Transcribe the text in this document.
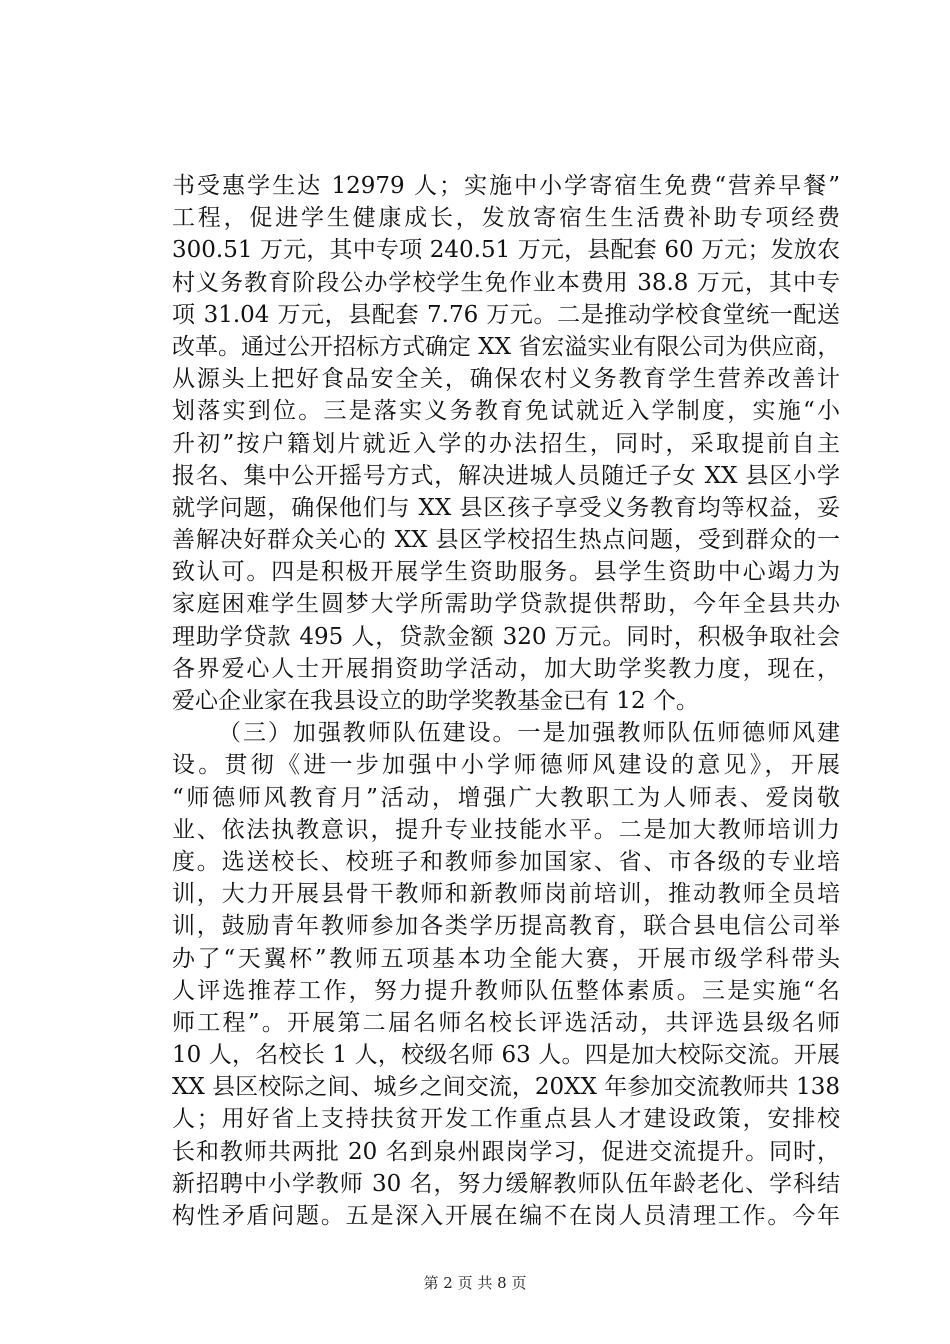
书受惠学生达 12979 人；实施中小学寄宿生免费“营养早餐”
工程，促进学生健康成长，发放寄宿生生活费补助专项经费
300.51 万元，其中专项 240.51 万元，县配套 60 万元；发放农
村义务教育阶段公办学校学生免作业本费用 38.8 万元，其中专
项 31.04 万元，县配套 7.76 万元。二是推动学校食堂统一配送
改革。通过公开招标方式确定 XX 省宏溢实业有限公司为供应商，
从源头上把好食品安全关，确保农村义务教育学生营养改善计
划落实到位。三是落实义务教育免试就近入学制度，实施“小
升初”按户籍划片就近入学的办法招生，同时，采取提前自主
报名、集中公开摇号方式，解决进城人员随迁子女 XX 县区小学
就学问题，确保他们与 XX 县区孩子享受义务教育均等权益，妥
善解决好群众关心的 XX 县区学校招生热点问题，受到群众的一
致认可。四是积极开展学生资助服务。县学生资助中心竭力为
家庭困难学生圆梦大学所需助学贷款提供帮助，今年全县共办
理助学贷款 495 人，贷款金额 320 万元。同时，积极争取社会
各界爱心人士开展捐资助学活动，加大助学奖教力度，现在，
爱心企业家在我县设立的助学奖教基金已有 12 个。
（三）加强教师队伍建设。一是加强教师队伍师德师风建
设。贯彻《进一步加强中小学师德师风建设的意见》，开展
“师德师风教育月”活动，增强广大教职工为人师表、爱岗敬
业、依法执教意识，提升专业技能水平。二是加大教师培训力
度。选送校长、校班子和教师参加国家、省、市各级的专业培
训，大力开展县骨干教师和新教师岗前培训，推动教师全员培
训，鼓励青年教师参加各类学历提高教育，联合县电信公司举
办了“天翼杯”教师五项基本功全能大赛，开展市级学科带头
人评选推荐工作，努力提升教师队伍整体素质。三是实施“名
师工程”。开展第二届名师名校长评选活动，共评选县级名师
10 人，名校长 1 人，校级名师 63 人。四是加大校际交流。开展
XX 县区校际之间、城乡之间交流，20XX 年参加交流教师共 138
人；用好省上支持扶贫开发工作重点县人才建设政策，安排校
长和教师共两批 20 名到泉州跟岗学习，促进交流提升。同时，
新招聘中小学教师 30 名，努力缓解教师队伍年龄老化、学科结
构性矛盾问题。五是深入开展在编不在岗人员清理工作。今年
第 2 页 共 8 页
